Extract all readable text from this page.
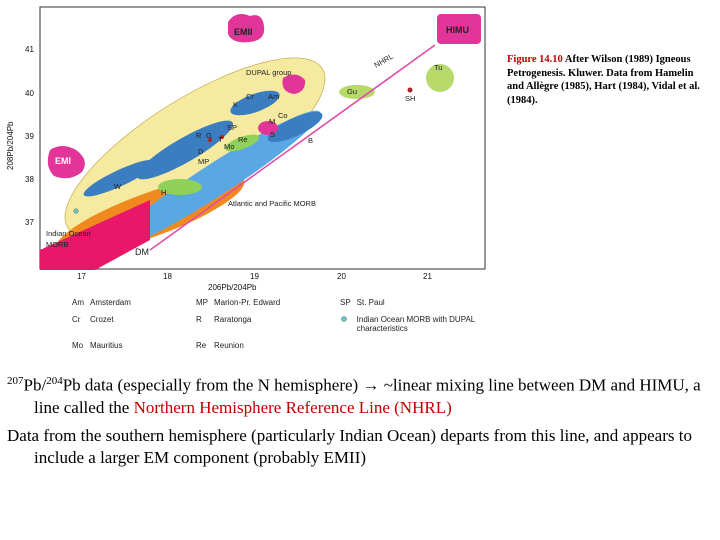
41
40
39
38
37
17	18	19	20	21
206Pb/204Pb
208Pb/204Pb
HIMU
EMII
EMI
DUPAL group
NHRL
Gu
Tu
SH
Cr Am
K
Co
M
S
B
R G T
SP
Mo
Re
D
MP
W
H
Atlantic and Pacific MORB
Indian Ocean
MORB
DM
Figure 14.10 After Wilson (1989) Igneous Petrogenesis. Kluwer. Data from Hamelin and Allègre (1985), Hart (1984), Vidal et al. (1984).
Am	Amsterdam	MP	Marion-Pr. Edward	SP	St. Paul
Cr	Crozet	R	Raratonga		Indian Ocean MORB with DUPAL characteristics
Mo	Mauritius	Re	Reunion		
$^{207}$Pb/$^{204}$Pb data (especially from the N hemisphere) → ~linear mixing line between DM and HIMU, a line called the Northern Hemisphere Reference Line (NHRL)
Data from the southern hemisphere (particularly Indian Ocean) departs from this line, and appears to include a larger EM component (probably EMII)
